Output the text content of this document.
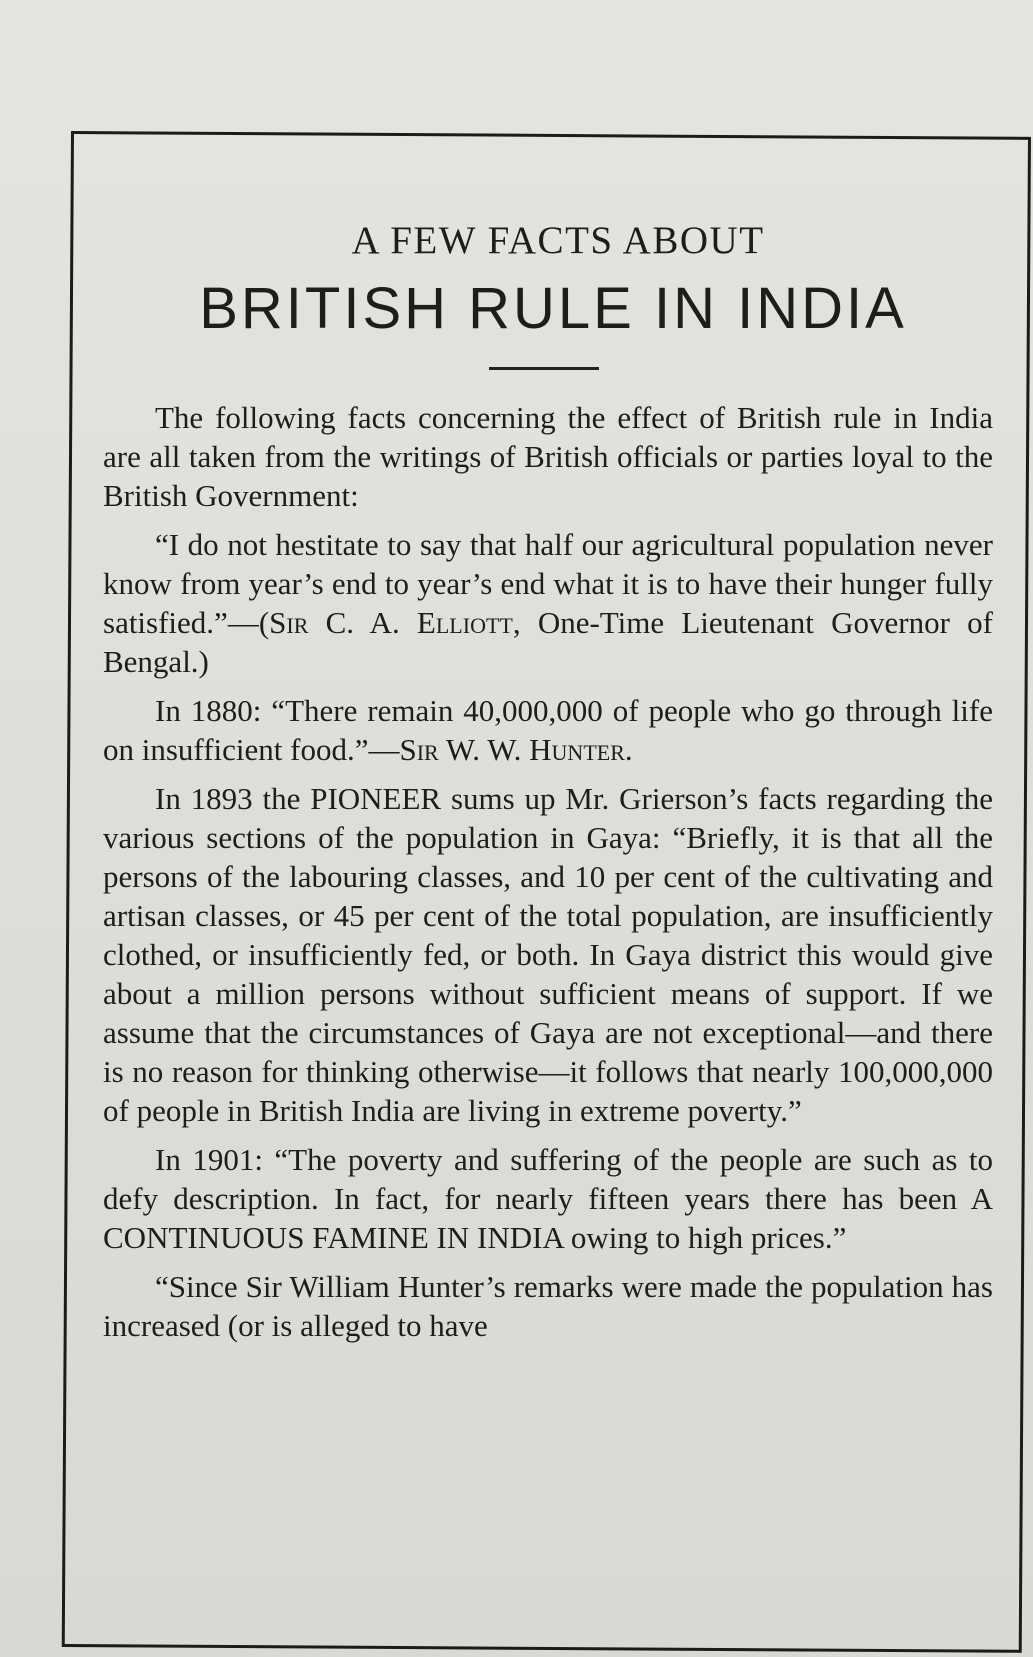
A FEW FACTS ABOUT
BRITISH RULE IN INDIA

The following facts concerning the effect of British rule in India are all taken from the writings of British officials or parties loyal to the British Government:

“I do not hestitate to say that half our agricultural population never know from year’s end to year’s end what it is to have their hunger fully satisfied.”—(Sir C. A. Elliott, One-Time Lieutenant Governor of Bengal.)

In 1880: “There remain 40,000,000 of people who go through life on insufficient food.”—Sir W. W. Hunter.

In 1893 the PIONEER sums up Mr. Grierson’s facts regarding the various sections of the population in Gaya: “Briefly, it is that all the persons of the labouring classes, and 10 per cent of the cultivating and artisan classes, or 45 per cent of the total population, are insufficiently clothed, or insufficiently fed, or both. In Gaya district this would give about a million persons without sufficient means of support. If we assume that the circumstances of Gaya are not exceptional—and there is no reason for thinking otherwise—it follows that nearly 100,000,000 of people in British India are living in extreme poverty.”

In 1901: “The poverty and suffering of the people are such as to defy description. In fact, for nearly fifteen years there has been A CONTINUOUS FAMINE IN INDIA owing to high prices.”

“Since Sir William Hunter’s remarks were made the population has increased (or is alleged to have
